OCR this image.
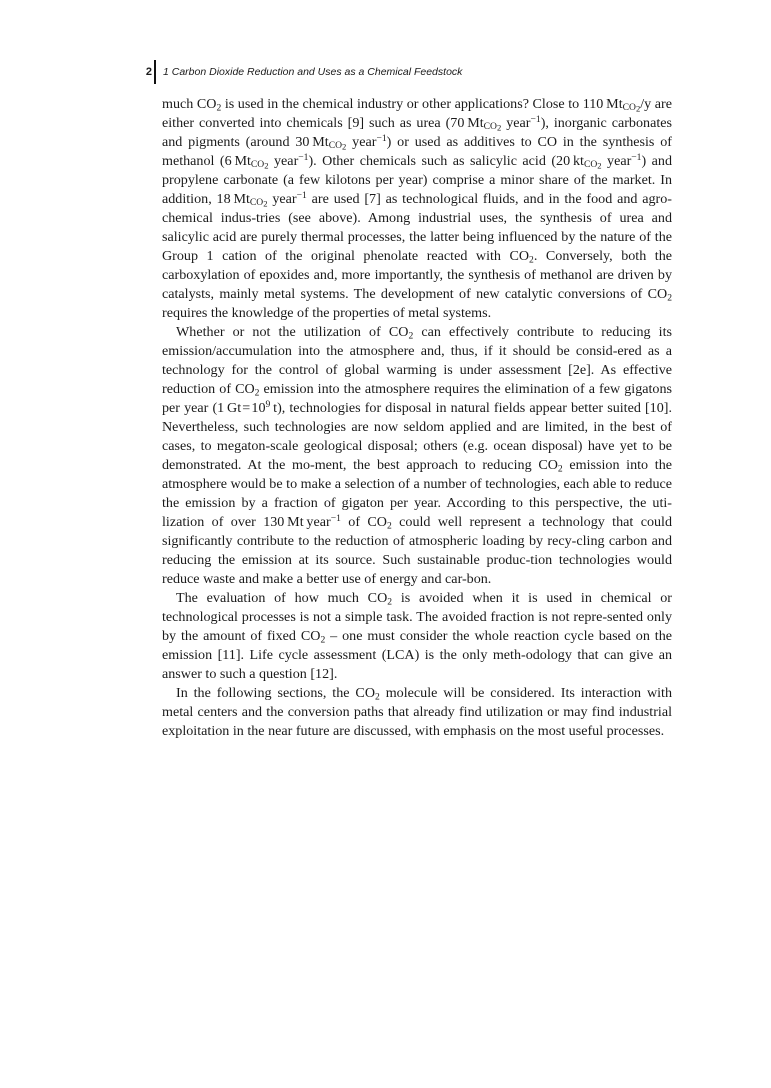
2 1 Carbon Dioxide Reduction and Uses as a Chemical Feedstock

much $CO_2$ is used in the chemical industry or other applications? Close to 110 $Mt_{CO_2}/y$ are either converted into chemicals [9] such as urea (70 $Mt_{CO_2}$ year$^{-1}$), inorganic carbonates and pigments (around 30 $Mt_{CO_2}$ year$^{-1}$) or used as additives to CO in the synthesis of methanol (6 $Mt_{CO_2}$ year$^{-1}$). Other chemicals such as salicylic acid (20 $kt_{CO_2}$ year$^{-1}$) and propylene carbonate (a few kilotons per year) comprise a minor share of the market. In addition, 18 $Mt_{CO_2}$ year$^{-1}$ are used [7] as technological fluids, and in the food and agro-chemical indus-​tries (see above). Among industrial uses, the synthesis of urea and salicylic acid are purely thermal processes, the latter being influenced by the nature of the Group 1 cation of the original phenolate reacted with $CO_2$. Conversely, both the carboxylation of epoxides and, more importantly, the synthesis of methanol are driven by catalysts, mainly metal systems. The development of new catalytic conversions of $CO_2$ requires the knowledge of the properties of metal systems.

Whether or not the utilization of $CO_2$ can effectively contribute to reducing its emission/accumulation into the atmosphere and, thus, if it should be consid-​ered as a technology for the control of global warming is under assessment [2e]. As effective reduction of $CO_2$ emission into the atmosphere requires the elimination of a few gigatons per year (1 Gt = $10^9$ t), technologies for disposal in natural fields appear better suited [10]. Nevertheless, such technologies are now seldom applied and are limited, in the best of cases, to megaton-scale geological disposal; others (e.g. ocean disposal) have yet to be demonstrated. At the mo-​ment, the best approach to reducing $CO_2$ emission into the atmosphere would be to make a selection of a number of technologies, each able to reduce the emission by a fraction of gigaton per year. According to this perspective, the uti-​lization of over 130 Mt year$^{-1}$ of $CO_2$ could well represent a technology that could significantly contribute to the reduction of atmospheric loading by recy-​cling carbon and reducing the emission at its source. Such sustainable produc-​tion technologies would reduce waste and make a better use of energy and car-​bon.

The evaluation of how much $CO_2$ is avoided when it is used in chemical or technological processes is not a simple task. The avoided fraction is not repre-​sented only by the amount of fixed $CO_2$ – one must consider the whole reaction cycle based on the emission [11]. Life cycle assessment (LCA) is the only meth-​odology that can give an answer to such a question [12].

In the following sections, the $CO_2$ molecule will be considered. Its interaction with metal centers and the conversion paths that already find utilization or may find industrial exploitation in the near future are discussed, with emphasis on the most useful processes.
